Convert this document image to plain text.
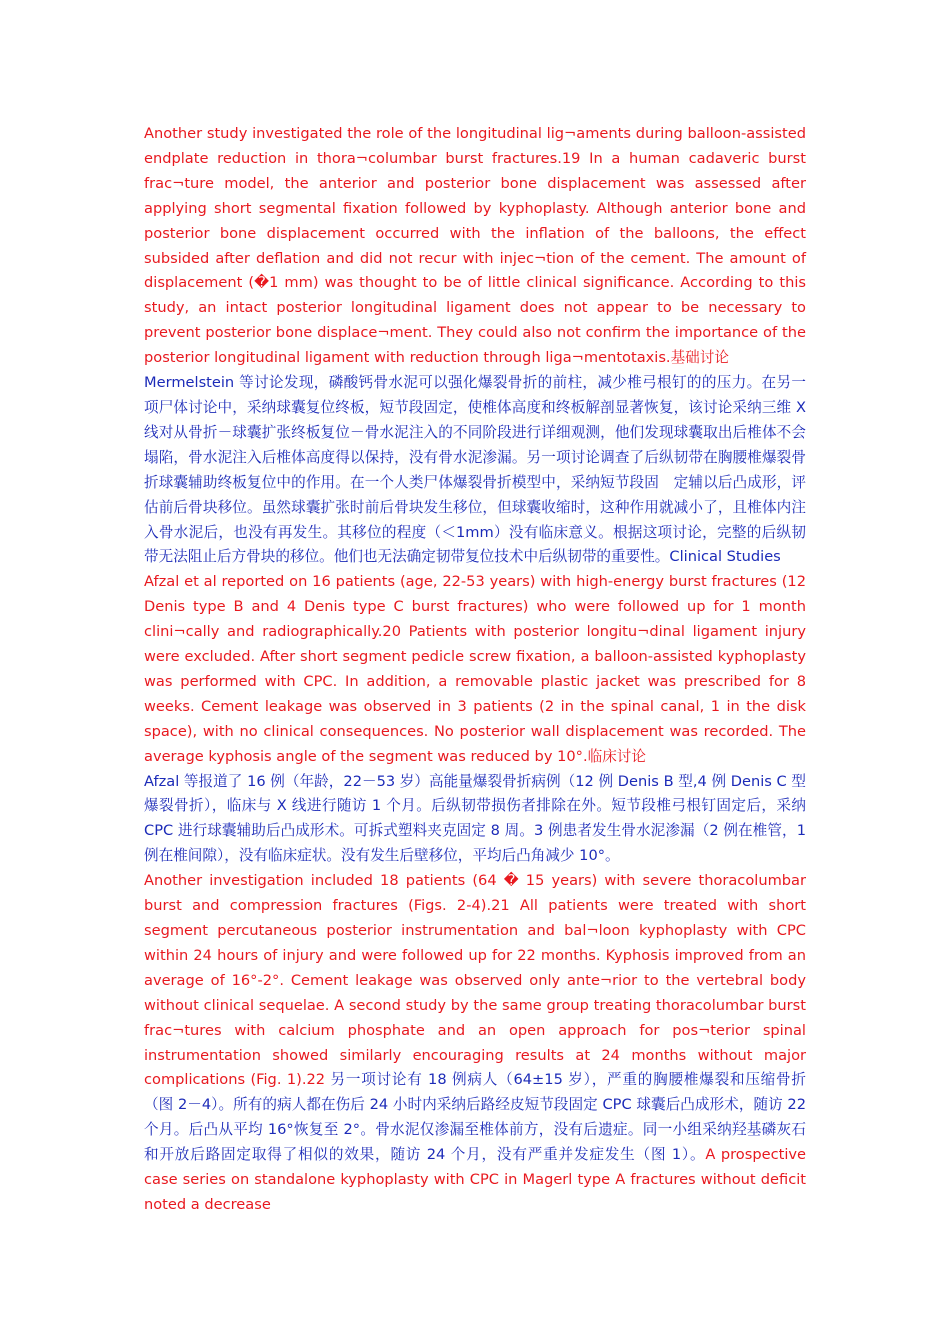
Another study investigated the role of the longitudinal lig¬aments during balloon-assisted endplate reduction in thora¬columbar burst fractures.19 In a human cadaveric burst frac¬ture model, the anterior and posterior bone displacement was assessed after applying short segmental fixation followed by kyphoplasty. Although anterior bone and posterior bone displacement occurred with the inflation of the balloons, the effect subsided after deflation and did not recur with injec¬tion of the cement. The amount of displacement (�1 mm) was thought to be of little clinical significance. According to this study, an intact posterior longitudinal ligament does not appear to be necessary to prevent posterior bone displace¬ment. They could also not confirm the importance of the posterior longitudinal ligament with reduction through liga¬mentotaxis.基础讨论

Mermelstein 等讨论发现，磷酸钙骨水泥可以强化爆裂骨折的前柱，减少椎弓根钉的的压力。在另一项尸体讨论中，采纳球囊复位终板，短节段固定，使椎体高度和终板解剖显著恢复，该讨论采纳三维 X 线对从骨折－球囊扩张终板复位－骨水泥注入的不同阶段进行详细观测，他们发现球囊取出后椎体不会塌陷，骨水泥注入后椎体高度得以保持，没有骨水泥渗漏。另一项讨论调查了后纵韧带在胸腰椎爆裂骨折球囊辅助终板复位中的作用。在一个人类尸体爆裂骨折模型中，采纳短节段固　定辅以后凸成形，评估前后骨块移位。虽然球囊扩张时前后骨块发生移位，但球囊收缩时，这种作用就减小了，且椎体内注入骨水泥后，也没有再发生。其移位的程度（＜1mm）没有临床意义。根据这项讨论，完整的后纵韧带无法阻止后方骨块的移位。他们也无法确定韧带复位技术中后纵韧带的重要性。Clinical Studies

Afzal et al reported on 16 patients (age, 22-53 years) with high-energy burst fractures (12 Denis type B and 4 Denis type C burst fractures) who were followed up for 1 month clini¬cally and radiographically.20 Patients with posterior longitu¬dinal ligament injury were excluded. After short segment pedicle screw fixation, a balloon-assisted kyphoplasty was performed with CPC. In addition, a removable plastic jacket was prescribed for 8 weeks. Cement leakage was observed in 3 patients (2 in the spinal canal, 1 in the disk space), with no clinical consequences. No posterior wall displacement was recorded. The average kyphosis angle of the segment was reduced by 10°.临床讨论

Afzal 等报道了 16 例（年龄，22－53 岁）高能量爆裂骨折病例（12 例 Denis B 型,4 例 Denis C 型爆裂骨折），临床与 X 线进行随访 1 个月。后纵韧带损伤者排除在外。短节段椎弓根钉固定后，采纳 CPC 进行球囊辅助后凸成形术。可拆式塑料夹克固定 8 周。3 例患者发生骨水泥渗漏（2 例在椎管，1 例在椎间隙），没有临床症状。没有发生后壁移位，平均后凸角减少 10°。

Another investigation included 18 patients (64 � 15 years) with severe thoracolumbar burst and compression fractures (Figs. 2-4).21 All patients were treated with short segment percutaneous posterior instrumentation and bal¬loon kyphoplasty with CPC within 24 hours of injury and were followed up for 22 months. Kyphosis improved from an average of 16°-2°. Cement leakage was observed only ante¬rior to the vertebral body without clinical sequelae. A second study by the same group treating thoracolumbar burst frac¬tures with calcium phosphate and an open approach for pos¬terior spinal instrumentation showed similarly encouraging results at 24 months without major complications (Fig. 1).22 另一项讨论有 18 例病人（64±15 岁），严重的胸腰椎爆裂和压缩骨折（图 2－4）。所有的病人都在伤后 24 小时内采纳后路经皮短节段固定 CPC 球囊后凸成形术，随访 22 个月。后凸从平均 16°恢复至 2°。骨水泥仅渗漏至椎体前方，没有后遗症。同一小组采纳羟基磷灰石和开放后路固定取得了相似的效果，随访 24 个月，没有严重并发症发生（图 1）。A prospective case series on standalone kyphoplasty with CPC in Magerl type A fractures without deficit noted a decrease
